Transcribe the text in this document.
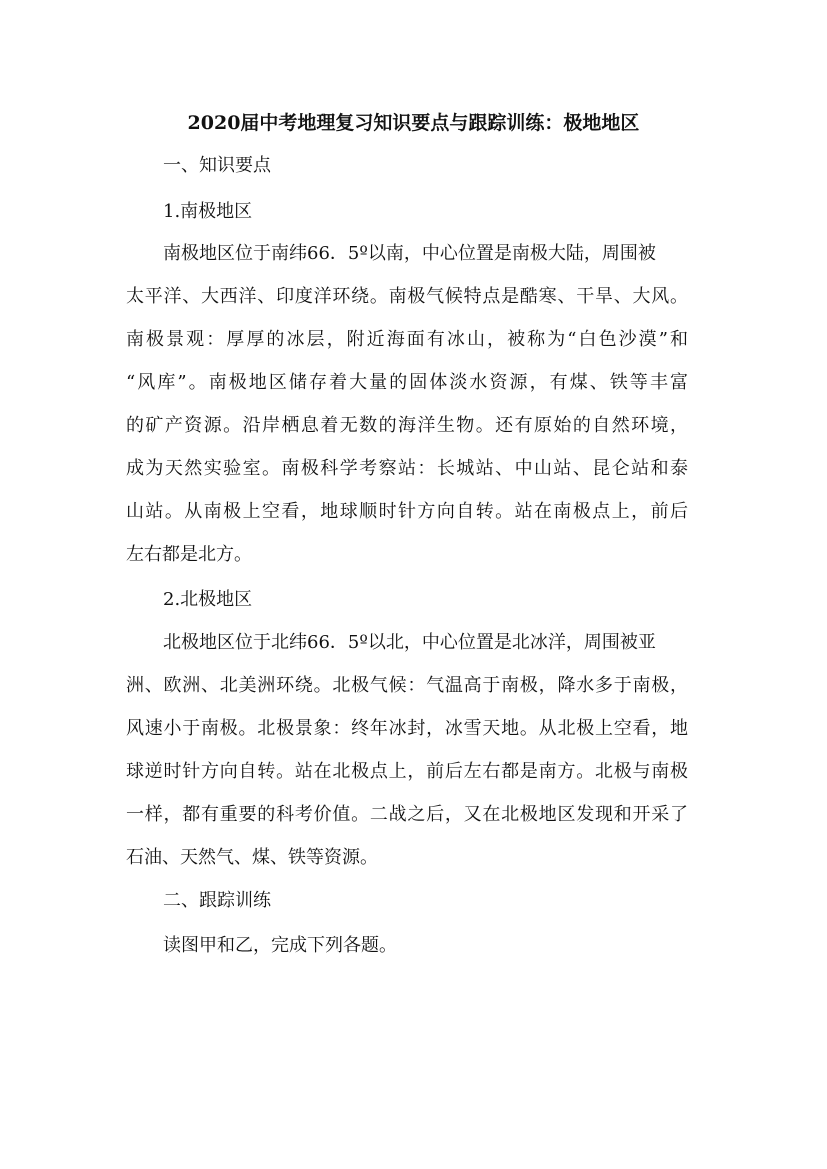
2020届中考地理复习知识要点与跟踪训练：极地地区
一、知识要点
1.南极地区
南极地区位于南纬66．5º以南，中心位置是南极大陆，周围被
太平洋、大西洋、印度洋环绕。南极气候特点是酷寒、干旱、大风。
南极景观：厚厚的冰层，附近海面有冰山，被称为“白色沙漠”和
“风库”。南极地区储存着大量的固体淡水资源，有煤、铁等丰富
的矿产资源。沿岸栖息着无数的海洋生物。还有原始的自然环境，
成为天然实验室。南极科学考察站：长城站、中山站、昆仑站和泰
山站。从南极上空看，地球顺时针方向自转。站在南极点上，前后
左右都是北方。
2.北极地区
北极地区位于北纬66．5º以北，中心位置是北冰洋，周围被亚
洲、欧洲、北美洲环绕。北极气候：气温高于南极，降水多于南极，
风速小于南极。北极景象：终年冰封，冰雪天地。从北极上空看，地
球逆时针方向自转。站在北极点上，前后左右都是南方。北极与南极
一样，都有重要的科考价值。二战之后，又在北极地区发现和开采了
石油、天然气、煤、铁等资源。
二、跟踪训练
读图甲和乙，完成下列各题。
